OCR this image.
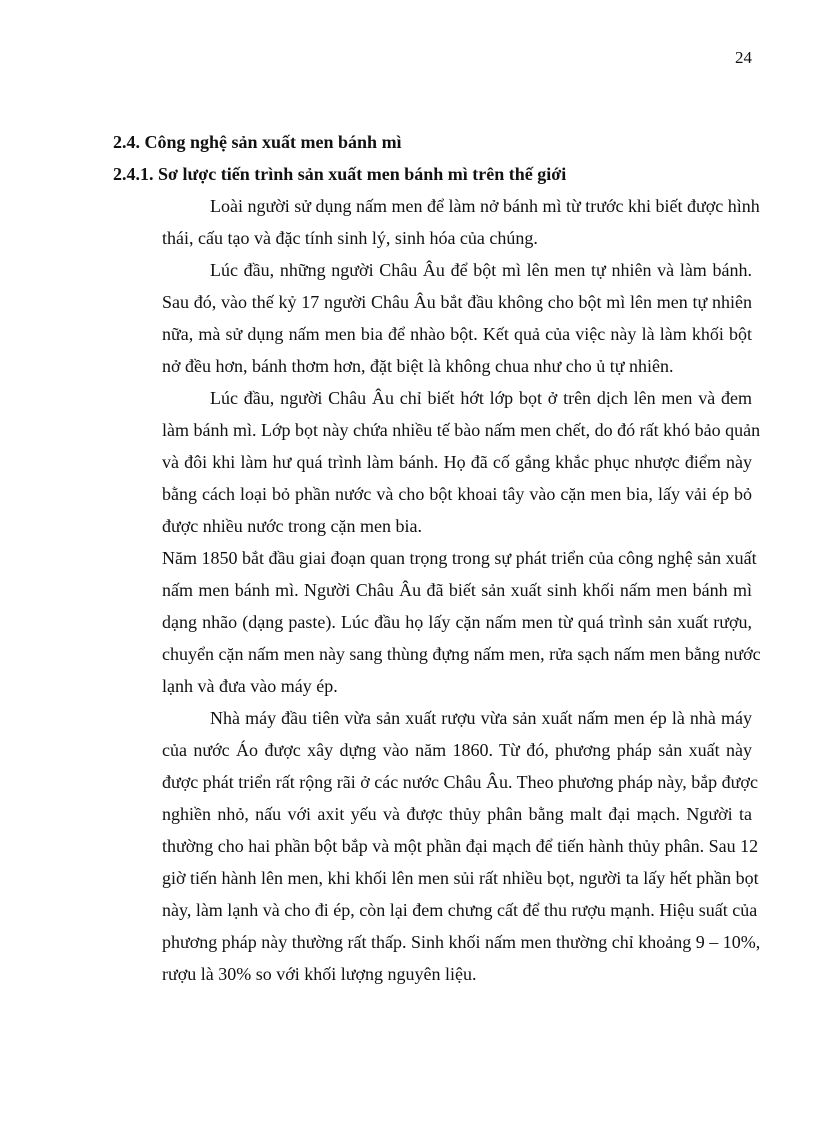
24
2.4. Công nghệ sản xuất men bánh mì
2.4.1. Sơ lược tiến trình sản xuất men bánh mì trên thế giới
Loài người sử dụng nấm men để làm nở bánh mì từ trước khi biết được hình
thái, cấu tạo và đặc tính sinh lý, sinh hóa của chúng.
Lúc đầu, những người Châu Âu để bột mì lên men tự nhiên và làm bánh.
Sau đó, vào thế kỷ 17 người Châu Âu bắt đầu không cho bột mì lên men tự nhiên
nữa, mà sử dụng nấm men bia để nhào bột. Kết quả của việc này là làm khối bột
nở đều hơn, bánh thơm hơn, đặt biệt là không chua như cho ủ tự nhiên.
Lúc đầu, người Châu Âu chỉ biết hớt lớp bọt ở trên dịch lên men và đem
làm bánh mì. Lớp bọt này chứa nhiều tế bào nấm men chết, do đó rất khó bảo quản
và đôi khi làm hư quá trình làm bánh. Họ đã cố gắng khắc phục nhược điểm này
bằng cách loại bỏ phần nước và cho bột khoai tây vào cặn men bia, lấy vải ép bỏ
được nhiều nước trong cặn men bia.
Năm 1850 bắt đầu giai đoạn quan trọng trong sự phát triển của công nghệ sản xuất
nấm men bánh mì. Người Châu Âu đã biết sản xuất sinh khối nấm men bánh mì
dạng nhão (dạng paste). Lúc đầu họ lấy cặn nấm men từ quá trình sản xuất rượu,
chuyển cặn nấm men này sang thùng đựng nấm men, rửa sạch nấm men bằng nước
lạnh và đưa vào máy ép.
Nhà máy đầu tiên vừa sản xuất rượu vừa sản xuất nấm men ép là nhà máy
của nước Áo được xây dựng vào năm 1860. Từ đó, phương pháp sản xuất này
được phát triển rất rộng rãi ở các nước Châu Âu. Theo phương pháp này, bắp được
nghiền nhỏ, nấu với axit yếu và được thủy phân bằng malt đại mạch. Người ta
thường cho hai phần bột bắp và một phần đại mạch để tiến hành thủy phân. Sau 12
giờ tiến hành lên men, khi khối lên men sủi rất nhiều bọt, người ta lấy hết phần bọt
này, làm lạnh và cho đi ép, còn lại đem chưng cất để thu rượu mạnh. Hiệu suất của
phương pháp này thường rất thấp. Sinh khối nấm men thường chỉ khoảng 9 – 10%,
rượu là 30% so với khối lượng nguyên liệu.
